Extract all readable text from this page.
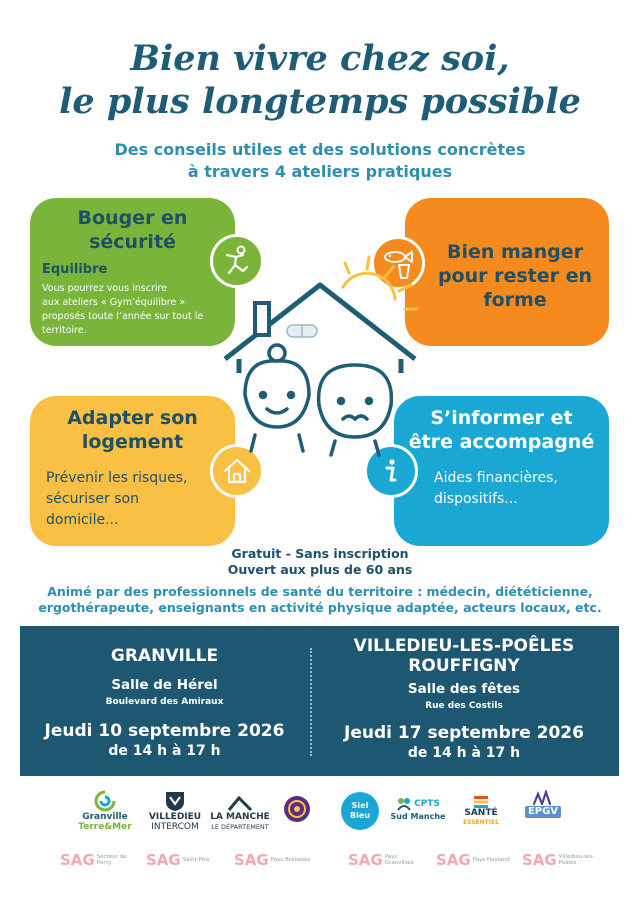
Bien vivre chez soi,
le plus longtemps possible
Des conseils utiles et des solutions concrètes
à travers 4 ateliers pratiques
Bouger en
sécurité
Equilibre
Vous pourrez vous inscrire
aux ateliers « Gym’équilibre »
proposés toute l’année sur tout le
territoire.
Bien manger
pour rester en
forme
Adapter son
logement
Prévenir les risques,
sécuriser son
domicile...
S’informer et
être accompagné
Aides financières,
dispositifs...
Gratuit - Sans inscription
Ouvert aux plus de 60 ans
Animé par des professionnels de santé du territoire : médecin, diététicienne,
ergothérapeute, enseignants en activité physique adaptée, acteurs locaux, etc.
GRANVILLE
Salle de Hérel
Boulevard des Amiraux
Jeudi 10 septembre 2026
de 14 h à 17 h
VILLEDIEU-LES-POÊLES
ROUFFIGNY
Salle des fêtes
Rue des Costils
Jeudi 17 septembre 2026
de 14 h à 17 h
Granville
Terre&Mer
VILLEDIEU
INTERCOM
LA MANCHE
LE DÉPARTEMENT
Siel Bleu
CPTS
Sud Manche SANTÉ
ESSENTIEL
EPGV
SAG Secteur de Percy	SAG Saint-Pois	SAG Pays Bréhalais	SAG Pays Granvillais	SAG Pays Hayland SAG Villedieu-les-Poêles
